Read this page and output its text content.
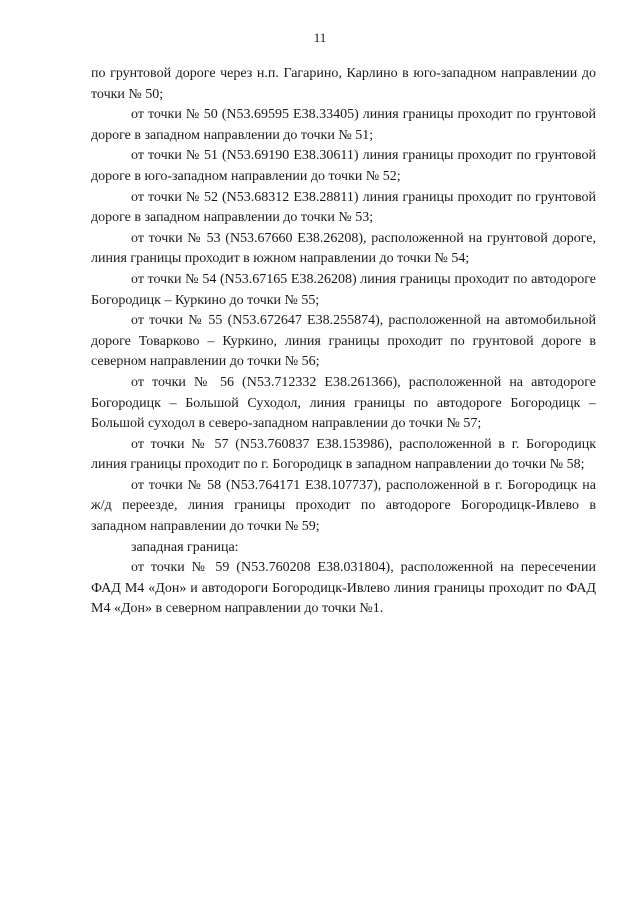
11

по грунтовой дороге через н.п. Гагарино, Карлино в юго-западном направлении до точки № 50;

от точки № 50 (N53.69595 E38.33405) линия границы проходит по грунтовой дороге в западном направлении до точки № 51;

от точки № 51 (N53.69190 E38.30611) линия границы проходит по грунтовой дороге в юго-западном направлении до точки № 52;

от точки № 52 (N53.68312 E38.28811) линия границы проходит по грунтовой дороге в западном направлении до точки № 53;

от точки № 53 (N53.67660 E38.26208), расположенной на грунтовой дороге, линия границы проходит в южном направлении до точки № 54;

от точки № 54 (N53.67165 E38.26208) линия границы проходит по автодороге Богородицк – Куркино до точки № 55;

от точки № 55 (N53.672647 E38.255874), расположенной на автомобильной дороге Товарково – Куркино, линия границы проходит по грунтовой дороге в северном направлении до точки № 56;

от точки № 56 (N53.712332 E38.261366), расположенной на автодороге Богородицк – Большой Суходол, линия границы по автодороге Богородицк – Большой суходол в северо-западном направлении до точки № 57;

от точки № 57 (N53.760837 E38.153986), расположенной в г. Богородицк линия границы проходит по г. Богородицк в западном направлении до точки № 58;

от точки № 58 (N53.764171 E38.107737), расположенной в г. Богородицк на ж/д переезде, линия границы проходит по автодороге Богородицк-Ивлево в западном направлении до точки № 59;

западная граница:

от точки № 59 (N53.760208 E38.031804), расположенной на пересечении ФАД М4 «Дон» и автодороги Богородицк-Ивлево линия границы проходит по ФАД М4 «Дон» в северном направлении до точки №1.
